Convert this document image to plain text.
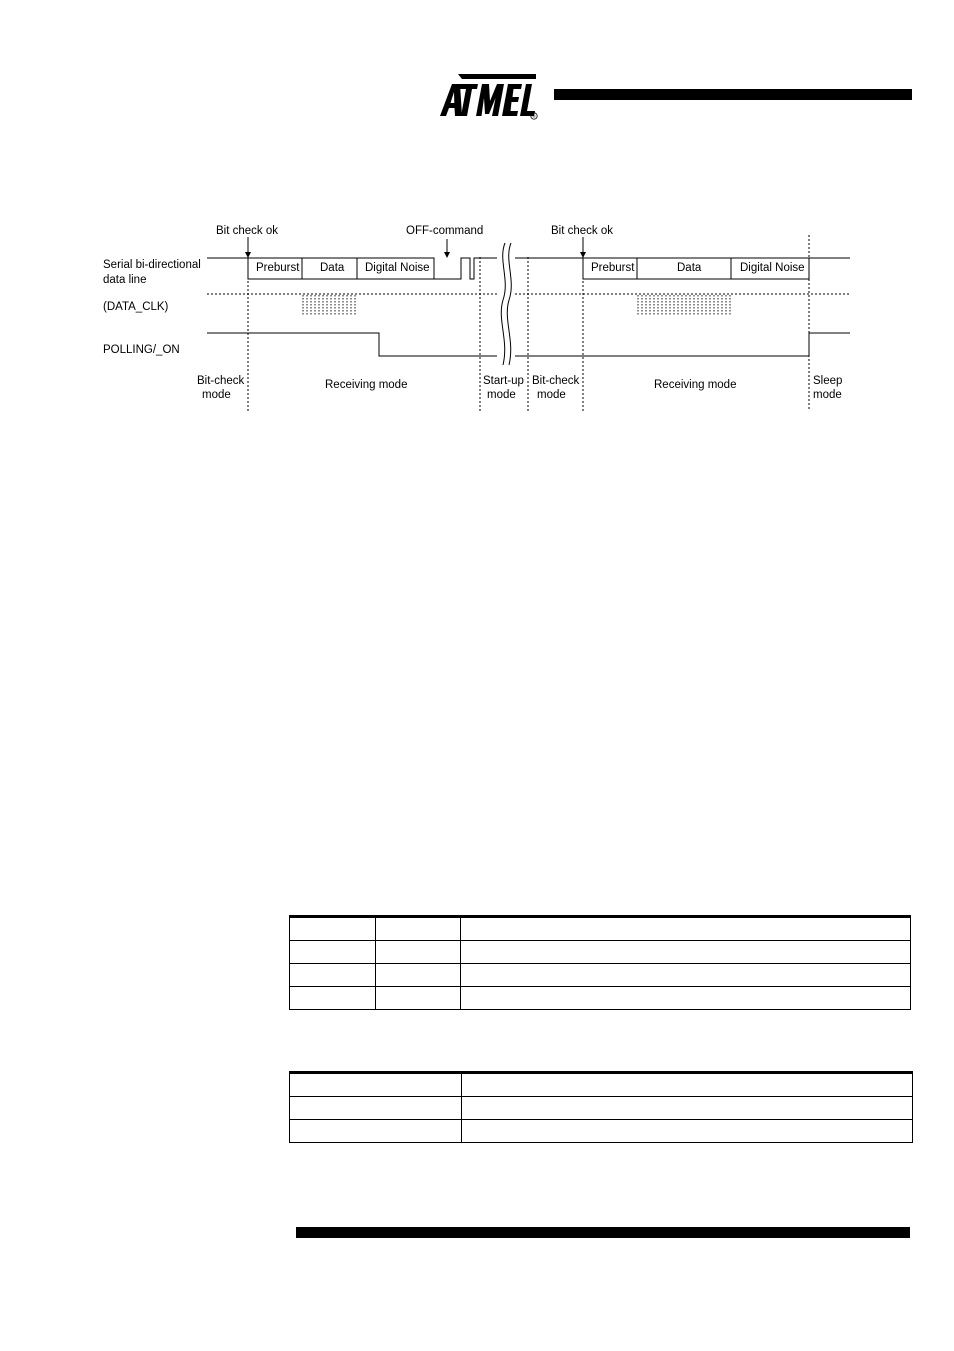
®
Bit check ok	OFF-command	Bit check ok
Serial bi-directional
data line
(DATA_CLK)
POLLING/_ON
Preburst Data Digital Noise	Preburst	Data	Digital Noise
Bit-check
mode
Receiving mode	Start-up
mode
Bit-check
mode
Receiving mode	Sleep
mode
